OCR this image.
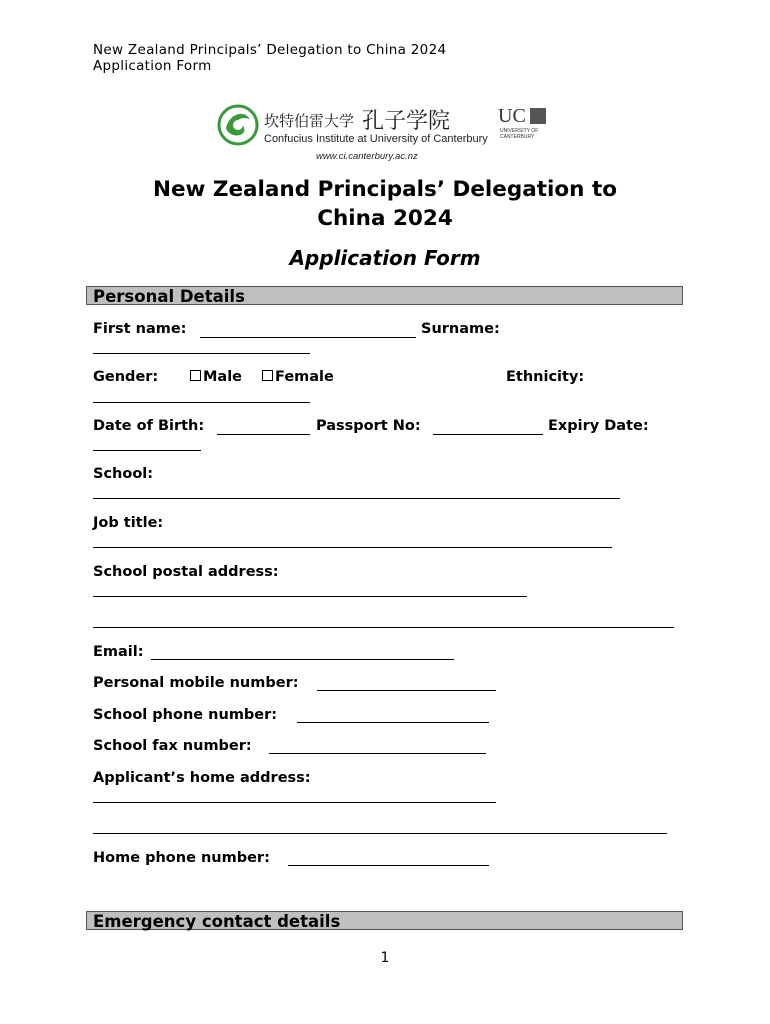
New Zealand Principals’ Delegation to China 2024
Application Form
坎特伯雷大学 孔子学院
Confucius Institute at University of Canterbury
www.ci.canterbury.ac.nz
UC
UNIVERSITY OF
CANTERBURY
New Zealand Principals’ Delegation to
China 2024
Application Form
Personal Details
First name:	Surname:
Gender:	Male	Female	Ethnicity:
Date of Birth:	Passport No:	Expiry Date:
School:
Job title:
School postal address:
Email:
Personal mobile number:
School phone number:
School fax number:
Applicant’s home address:
Home phone number:
Emergency contact details
1
